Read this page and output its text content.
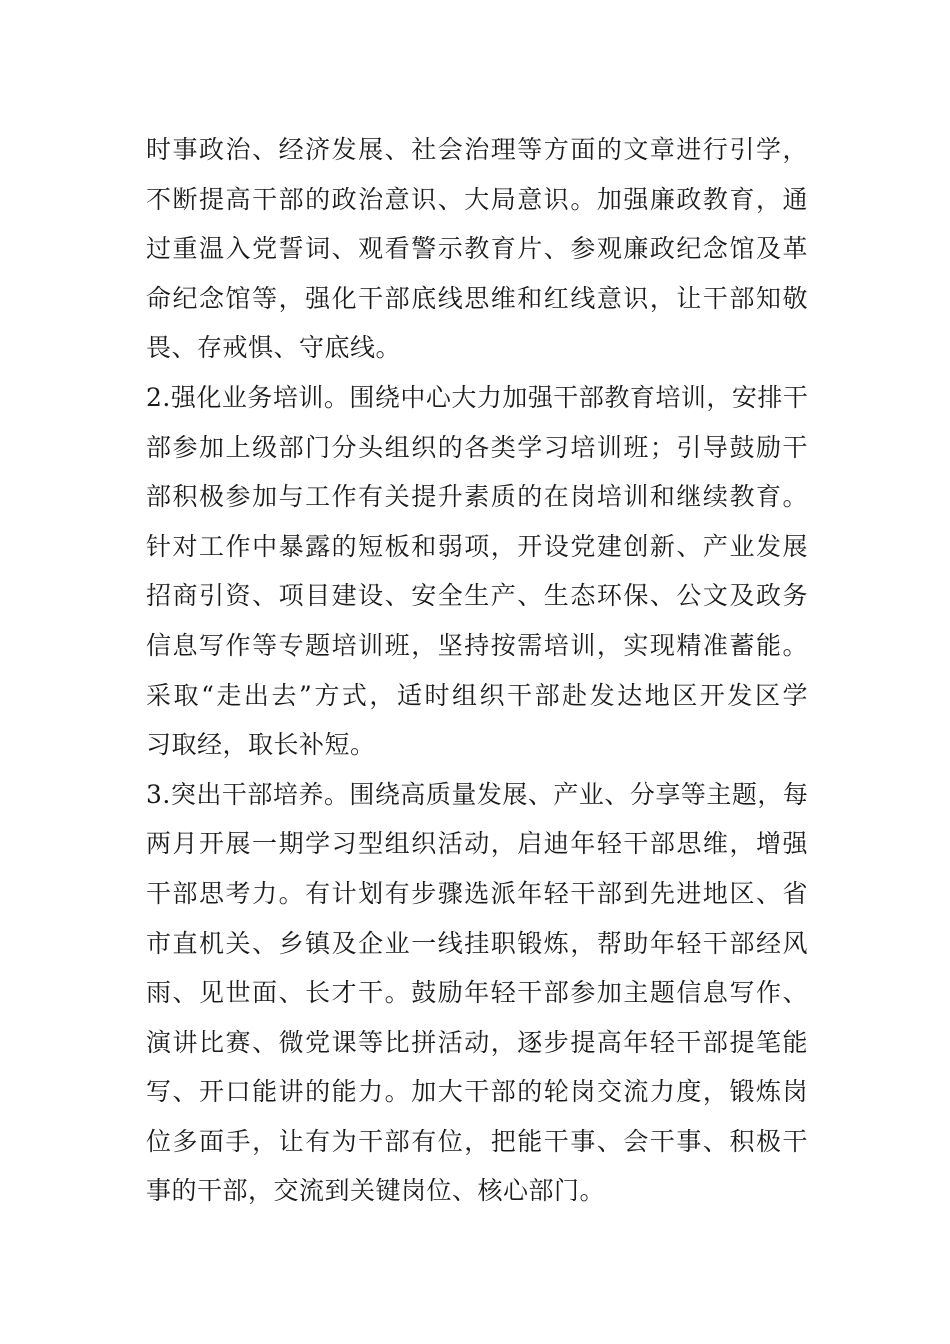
时事政治、经济发展、社会治理等方面的文章进行引学，
不断提高干部的政治意识、大局意识。加强廉政教育，通
过重温入党誓词、观看警示教育片、参观廉政纪念馆及革
命纪念馆等，强化干部底线思维和红线意识，让干部知敬
畏、存戒惧、守底线。
2.强化业务培训。围绕中心大力加强干部教育培训，安排干
部参加上级部门分头组织的各类学习培训班；引导鼓励干
部积极参加与工作有关提升素质的在岗培训和继续教育。
针对工作中暴露的短板和弱项，开设党建创新、产业发展
招商引资、项目建设、安全生产、生态环保、公文及政务
信息写作等专题培训班，坚持按需培训，实现精准蓄能。
采取“走出去”方式，适时组织干部赴发达地区开发区学
习取经，取长补短。
3.突出干部培养。围绕高质量发展、产业、分享等主题，每
两月开展一期学习型组织活动，启迪年轻干部思维，增强
干部思考力。有计划有步骤选派年轻干部到先进地区、省
市直机关、乡镇及企业一线挂职锻炼，帮助年轻干部经风
雨、见世面、长才干。鼓励年轻干部参加主题信息写作、
演讲比赛、微党课等比拼活动，逐步提高年轻干部提笔能
写、开口能讲的能力。加大干部的轮岗交流力度，锻炼岗
位多面手，让有为干部有位，把能干事、会干事、积极干
事的干部，交流到关键岗位、核心部门。
